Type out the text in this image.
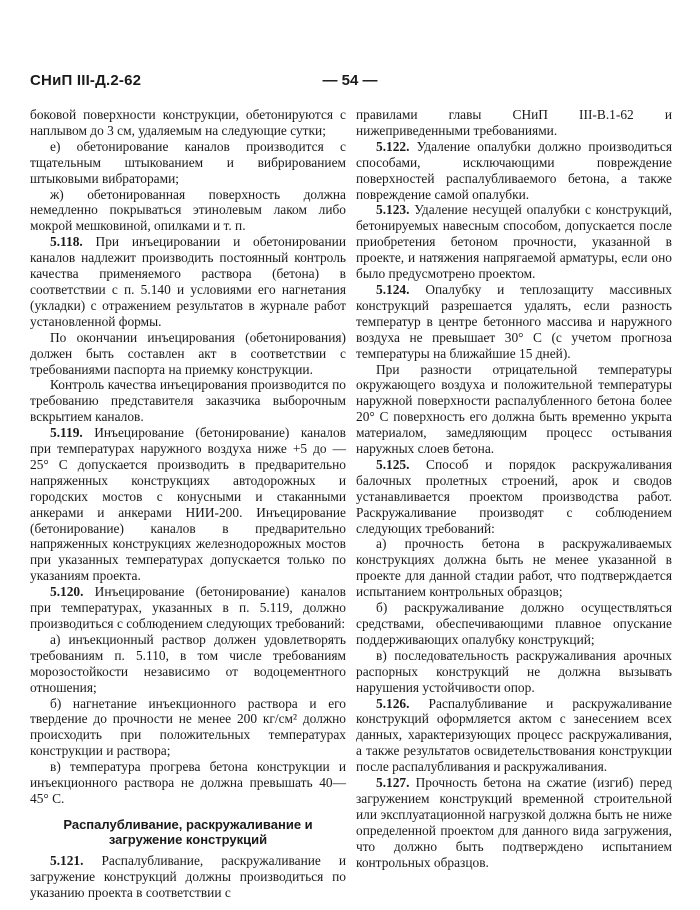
СНиП III-Д.2-62	— 54 —

боковой поверхности конструкции, обетонируются с наплывом до 3 см, удаляемым на следующие сутки;

е) обетонирование каналов производится с тщательным штыкованием и вибрированием штыковыми вибраторами;

ж) обетонированная поверхность должна немедленно покрываться этинолевым лаком либо мокрой мешковиной, опилками и т. п.

5.118. При инъецировании и обетонировании каналов надлежит производить постоянный контроль качества применяемого раствора (бетона) в соответствии с п. 5.140 и условиями его нагнетания (укладки) с отражением результатов в журнале работ установленной формы.

По окончании инъецирования (обетонирования) должен быть составлен акт в соответствии с требованиями паспорта на приемку конструкции.

Контроль качества инъецирования производится по требованию представителя заказчика выборочным вскрытием каналов.

5.119. Инъецирование (бетонирование) каналов при температурах наружного воздуха ниже +5 до —25° С допускается производить в предварительно напряженных конструкциях автодорожных и городских мостов с конусными и стаканными анкерами и анкерами НИИ-200. Инъецирование (бетонирование) каналов в предварительно напряженных конструкциях железнодорожных мостов при указанных температурах допускается только по указаниям проекта.

5.120. Инъецирование (бетонирование) каналов при температурах, указанных в п. 5.119, должно производиться с соблюдением следующих требований:

а) инъекционный раствор должен удовлетворять требованиям п. 5.110, в том числе требованиям морозостойкости независимо от водоцементного отношения;

б) нагнетание инъекционного раствора и его твердение до прочности не менее 200 кг/см² должно происходить при положительных температурах конструкции и раствора;

в) температура прогрева бетона конструкции и инъекционного раствора не должна превышать 40—45° С.

Распалубливание, раскружаливание и загружение конструкций

5.121. Распалубливание, раскружаливание и загружение конструкций должны производиться по указанию проекта в соответствии с

правилами главы СНиП III-В.1-62 и нижеприведенными требованиями.

5.122. Удаление опалубки должно производиться способами, исключающими повреждение поверхностей распалубливаемого бетона, а также повреждение самой опалубки.

5.123. Удаление несущей опалубки с конструкций, бетонируемых навесным способом, допускается после приобретения бетоном прочности, указанной в проекте, и натяжения напрягаемой арматуры, если оно было предусмотрено проектом.

5.124. Опалубку и теплозащиту массивных конструкций разрешается удалять, если разность температур в центре бетонного массива и наружного воздуха не превышает 30° С (с учетом прогноза температуры на ближайшие 15 дней).

При разности отрицательной температуры окружающего воздуха и положительной температуры наружной поверхности распалубленного бетона более 20° С поверхность его должна быть временно укрыта материалом, замедляющим процесс остывания наружных слоев бетона.

5.125. Способ и порядок раскружаливания балочных пролетных строений, арок и сводов устанавливается проектом производства работ. Раскружаливание производят с соблюдением следующих требований:

а) прочность бетона в раскружаливаемых конструкциях должна быть не менее указанной в проекте для данной стадии работ, что подтверждается испытанием контрольных образцов;

б) раскружаливание должно осуществляться средствами, обеспечивающими плавное опускание поддерживающих опалубку конструкций;

в) последовательность раскружаливания арочных распорных конструкций не должна вызывать нарушения устойчивости опор.

5.126. Распалубливание и раскружаливание конструкций оформляется актом с занесением всех данных, характеризующих процесс раскружаливания, а также результатов освидетельствования конструкции после распалубливания и раскружаливания.

5.127. Прочность бетона на сжатие (изгиб) перед загружением конструкций временной строительной или эксплуатационной нагрузкой должна быть не ниже определенной проектом для данного вида загружения, что должно быть подтверждено испытанием контрольных образцов.
